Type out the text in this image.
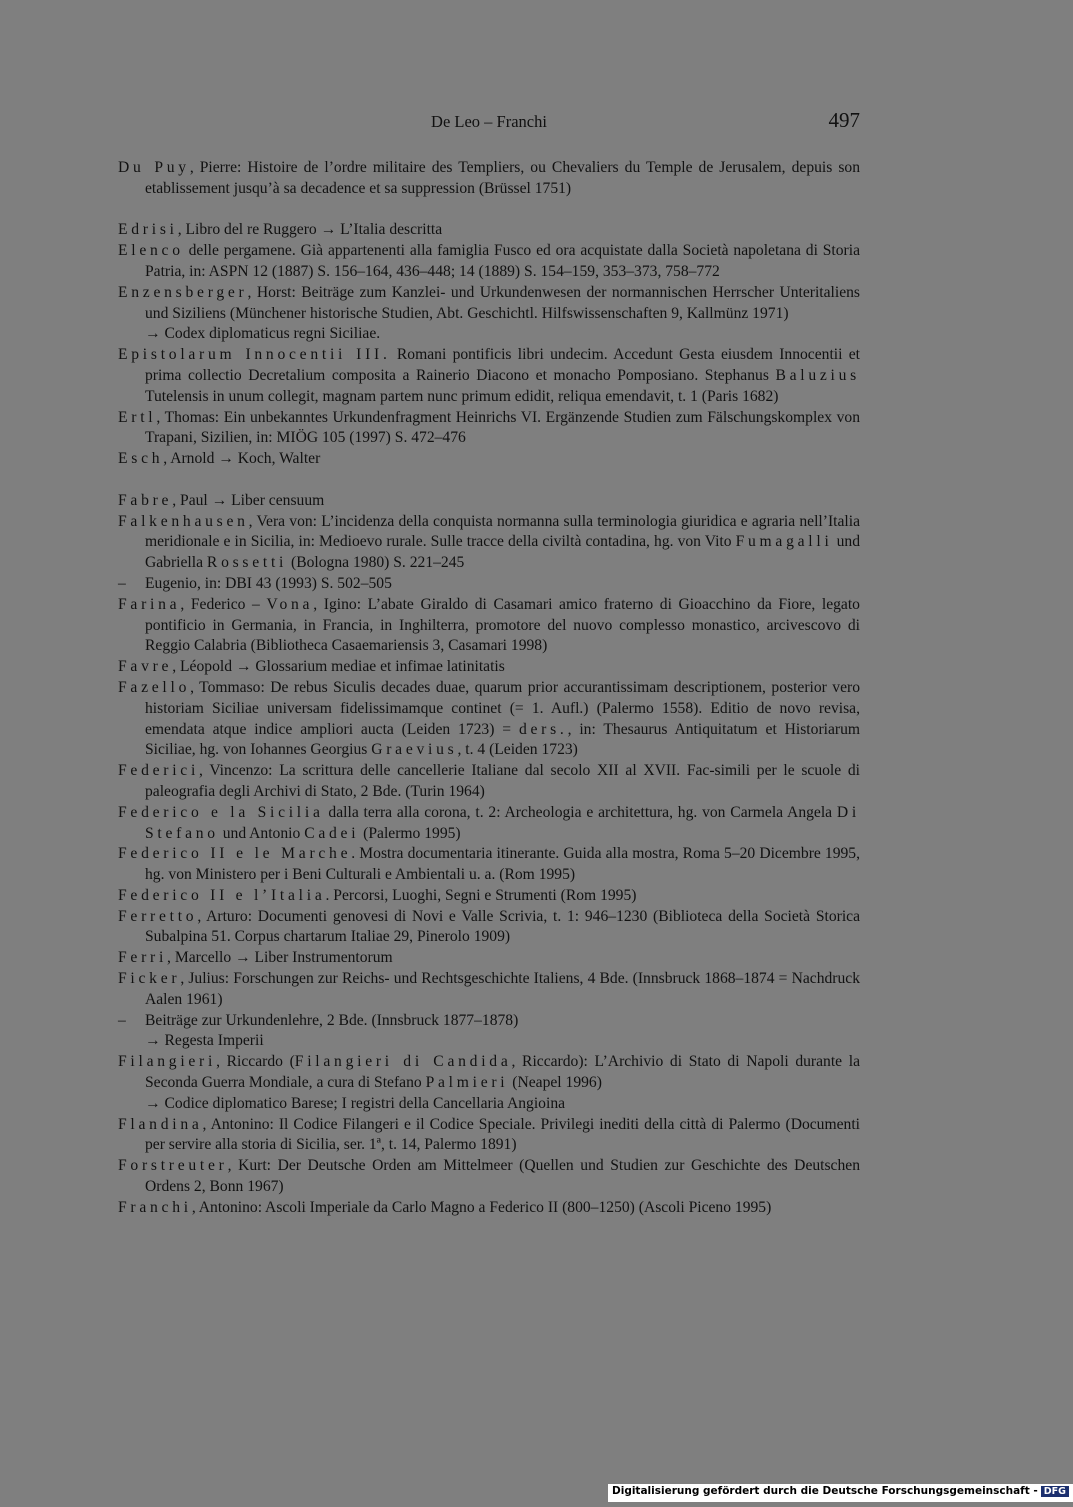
De Leo – Franchi	497
Du Puy, Pierre: Histoire de l’ordre militaire des Templiers, ou Chevaliers du Temple de Jerusalem, depuis son etablissement jusqu’à sa decadence et sa suppression (Brüssel 1751)
Edrisi, Libro del re Ruggero → L’Italia descritta
Elenco delle pergamene. Già appartenenti alla famiglia Fusco ed ora acquistate dalla Società napoletana di Storia Patria, in: ASPN 12 (1887) S. 156–164, 436–448; 14 (1889) S. 154–159, 353–373, 758–772
Enzensberger, Horst: Beiträge zum Kanzlei- und Urkundenwesen der normannischen Herrscher Unteritaliens und Siziliens (Münchener historische Studien, Abt. Geschichtl. Hilfswissenschaften 9, Kallmünz 1971)
→ Codex diplomaticus regni Siciliae.
Epistolarum Innocentii III. Romani pontificis libri undecim. Accedunt Gesta eiusdem Innocentii et prima collectio Decretalium composita a Rainerio Diacono et monacho Pomposiano. Stephanus Baluzius Tutelensis in unum collegit, magnam partem nunc primum edidit, reliqua emendavit, t. 1 (Paris 1682)
Ertl, Thomas: Ein unbekanntes Urkundenfragment Heinrichs VI. Ergänzende Studien zum Fälschungskomplex von Trapani, Sizilien, in: MIÖG 105 (1997) S. 472–476
Esch, Arnold → Koch, Walter
Fabre, Paul → Liber censuum
Falkenhausen, Vera von: L’incidenza della conquista normanna sulla terminologia giuridica e agraria nell’Italia meridionale e in Sicilia, in: Medioevo rurale. Sulle tracce della civiltà contadina, hg. von Vito Fumagalli und Gabriella Rossetti (Bologna 1980) S. 221–245
– Eugenio, in: DBI 43 (1993) S. 502–505
Farina, Federico – Vona, Igino: L’abate Giraldo di Casamari amico fraterno di Gioacchino da Fiore, legato pontificio in Germania, in Francia, in Inghilterra, promotore del nuovo complesso monastico, arcivescovo di Reggio Calabria (Bibliotheca Casaemariensis 3, Casamari 1998)
Favre, Léopold → Glossarium mediae et infimae latinitatis
Fazello, Tommaso: De rebus Siculis decades duae, quarum prior accurantissimam descriptionem, posterior vero historiam Siciliae universam fidelissimamque continet (= 1. Aufl.) (Palermo 1558). Editio de novo revisa, emendata atque indice ampliori aucta (Leiden 1723) = ders., in: Thesaurus Antiquitatum et Historiarum Siciliae, hg. von Iohannes Georgius Graevius, t. 4 (Leiden 1723)
Federici, Vincenzo: La scrittura delle cancellerie Italiane dal secolo XII al XVII. Fac-simili per le scuole di paleografia degli Archivi di Stato, 2 Bde. (Turin 1964)
Federico e la Sicilia dalla terra alla corona, t. 2: Archeologia e architettura, hg. von Carmela Angela Di Stefano und Antonio Cadei (Palermo 1995)
Federico II e le Marche. Mostra documentaria itinerante. Guida alla mostra, Roma 5–20 Dicembre 1995, hg. von Ministero per i Beni Culturali e Ambientali u. a. (Rom 1995)
Federico II e l’Italia. Percorsi, Luoghi, Segni e Strumenti (Rom 1995)
Ferretto, Arturo: Documenti genovesi di Novi e Valle Scrivia, t. 1: 946–1230 (Biblioteca della Società Storica Subalpina 51. Corpus chartarum Italiae 29, Pinerolo 1909)
Ferri, Marcello → Liber Instrumentorum
Ficker, Julius: Forschungen zur Reichs- und Rechtsgeschichte Italiens, 4 Bde. (Innsbruck 1868–1874 = Nachdruck Aalen 1961)
– Beiträge zur Urkundenlehre, 2 Bde. (Innsbruck 1877–1878)
→ Regesta Imperii
Filangieri, Riccardo (Filangieri di Candida, Riccardo): L’Archivio di Stato di Napoli durante la Seconda Guerra Mondiale, a cura di Stefano Palmieri (Neapel 1996)
→ Codice diplomatico Barese; I registri della Cancellaria Angioina
Flandina, Antonino: Il Codice Filangeri e il Codice Speciale. Privilegi inediti della città di Palermo (Documenti per servire alla storia di Sicilia, ser. 1ª, t. 14, Palermo 1891)
Forstreuter, Kurt: Der Deutsche Orden am Mittelmeer (Quellen und Studien zur Geschichte des Deutschen Ordens 2, Bonn 1967)
Franchi, Antonino: Ascoli Imperiale da Carlo Magno a Federico II (800–1250) (Ascoli Piceno 1995)
Digitalisierung gefördert durch die Deutsche Forschungsgemeinschaft - DFG
